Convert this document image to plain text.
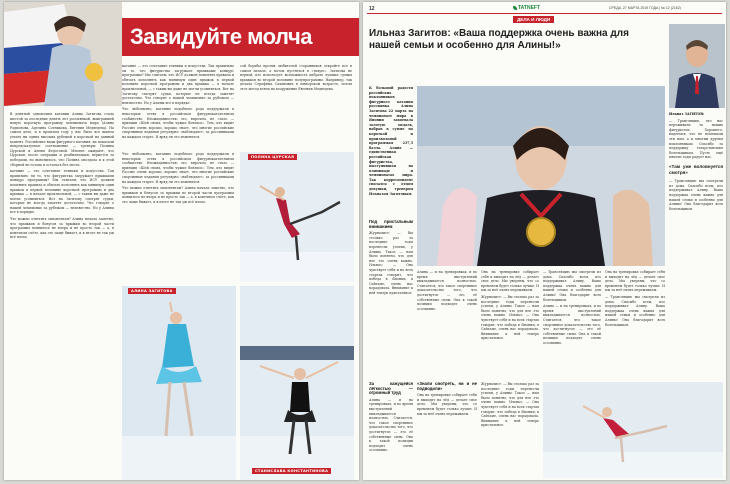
Завидуйте молча

В девятый однокочим катании Алина Загитова стала шестой за последние девять лет россиянкой, выигравшей новую короткую программу чемпионата мира (Алина Радионова, Аделина Сотникова, Евгения Медведева). На самом деле, и в прошлом году у нас было все шансы уехать ни одних высоких рубежей в короткой на данный момент. Российские виды фигурного катания, на показали непредсказуемое соотношение — тренеры Полины Цурской и Алены Федотовой. Многие ожидают, что Цурская, после операции и реабилитации, вернется за победами, но выяснилось, что Полина опоздала и к этой сборной не готова и осталась без места.

катание — это сочетание техники и искусства. Так правильно ли то, что фигуристка загружает прыжками конкурс программы? Мы считаем, что ИСУ должен поменять правила и обязать исполнять как минимум один прыжок в первой половине короткой программы и два прыжка — в начале произвольной, — с таким вы даже не могли усомниться. Вот на Загитову смотрят судьи, которые не всегда заметят достаточно. Что говорят о нашей чемпионке за рубежом — неизвестно. Но у Алины все в порядке.

Что можно ответить оппонентам? Алина начала заметно, что прыжков и бонусов за прыжки во второй части программы появилось не вчера и не просто так — а, в конечном счёте, как это чаще бывает, и в итоге не так уж всё плохо.

катание — это сочетание техники и искусства. Так правильно ли то, что фигуристка загружает прыжками конкурс программы? Мы считаем, что ИСУ должен поменять правила и обязать исполнять как минимум один прыжок в первой половине короткой программы и два прыжка — в начале произвольной, — с таким вы даже не могли усомниться. Вот на Загитову смотрят судьи, которые не всегда заметят достаточно. Что говорят о нашей чемпионке за рубежом — неизвестно. Но у Алины все в порядке.

Что любопытно, катанию подобного рода поддержали в некоторых сетях в российском фигурнокатательном сообществе. Неожиданностью это, впрочем, не стало — принцип «Шей своих, чтобы чужие боялись». Тем, кто видит Россию очень хорошо, хорошо знает, что многие российские спортивные издания регулярно «наблюдают» за россиянками на каждом старте. И вряд ли это изменится.

сой борьбы против любителей сторонников откройте все в самом начале, а потом пустяться в «тихую». Загитова не первой, кто использует возможность набрать лучшие суммы прыжков во второй половине полупрограммы. Например, так делала Серафима Саханович в юниорском возрасте, потом этот метод взяла на вооружение Евгения Медведева.

Что любопытно, катанию подобного рода поддержали в некоторых сетях в российском фигурнокатательном сообществе. Неожиданностью это, впрочем, не стало — принцип «Шей своих, чтобы чужие боялись». Тем, кто видит Россию очень хорошо, хорошо знает, что многие российские спортивные издания регулярно «наблюдают» за россиянками на каждом старте. И вряд ли это изменится.

Что можно ответить оппонентам? Алина начала заметно, что прыжков и бонусов за прыжки во второй части программы появилось не вчера и не просто так — а, в конечном счёте, как это чаще бывает, и в итоге не так уж всё плохо.

ПОЛИНА ЦУРСКАЯ
АЛИНА ЗАГИТОВА
СТАНИСЛАВА КОНСТАНТИНОВА
12	TATNEFT	СРЕДА, 27 МАРТА 2019 ГОДА | № 12 (2162)
ДЕЛА И ЛЮДИ
Ильназ Загитов: «Ваша поддержка очень важна для нашей семьи и особенно для Алины!»

Ильназ ЗАГИТОВ:

— Трансляцию, что нас переживали за наших фигуристок. Хорошего, надеемся, что не помешали эти нам, а и многим другим поклонникам. Спасибо за поддержку татарстанским болельщикам. Пусть ещё многие годы радует нас.

«Там уже воловнуется смотря»

— Трансляцию мы смотрели из дома. Спасибо всем, кто поддерживал Алину. Ваша поддержка очень важна для нашей семьи и особенно для Алины! Она благодарит всех болельщиков.

К большой радости российских поклонников фигурного катания россиянка Алина Загитова 22 марта на чемпионате мира в Японии завоевала золотую медаль, набрав в сумме по короткой и произвольной программам 237,5 балла. Алина — единственная российская фигуристка, выступившая на олимпиаде и чемпионатах мира. Так корреспондент связался с отцом девушки, тренером Ильназом Загитовым.

Под пристальным вниманием

Журналист: — Вы столько раз за последние годы перенесли успехи, у Алины. Такое — нам было понятно, что для нее это очень важно. Ильназ: — Она чувствует себя и на всех стартах говорит, что победа в Японии, в Сайтаме, очень нас порадовала. Внимание к ней теперь пристальное.

Алина — и на тренировках, и во время выступлений выкладывается полностью. Считается, что такое спортивное доказательство того, что достигнутое — это её собственные силы. Она к такой позиции подходит очень осознанно.

Она на тренировке собирает себя и выходит на лёд — делает свое дело. Мы уверены, что со временем будет только лучше. И мы за неё очень переживаем.

Журналист: — Вы столько раз за последние годы перенесли успехи, у Алины. Такое — нам было понятно, что для нее это очень важно. Ильназ: — Она чувствует себя и на всех стартах говорит, что победа в Японии, в Сайтаме, очень нас порадовала. Внимание к ней теперь пристальное.

— Трансляцию мы смотрели из дома. Спасибо всем, кто поддерживал Алину. Ваша поддержка очень важна для нашей семьи и особенно для Алины! Она благодарит всех болельщиков.

Алина — и на тренировках, и во время выступлений выкладывается полностью. Считается, что такое спортивное доказательство того, что достигнутое — это её собственные силы. Она к такой позиции подходит очень осознанно.

Она на тренировке собирает себя и выходит на лёд — делает свое дело. Мы уверены, что со временем будет только лучше. И мы за неё очень переживаем.

— Трансляцию мы смотрели из дома. Спасибо всем, кто поддерживал Алину. Ваша поддержка очень важна для нашей семьи и особенно для Алины! Она благодарит всех болельщиков.

За кажущейся лёгкостью — огромный труд

Алина — и на тренировках, и во время выступлений выкладывается полностью. Считается, что такое спортивное доказательство того, что достигнутое — это её собственные силы. Она к такой позиции подходит очень осознанно.

«Знали смотреть, ни и не подводили»

Она на тренировке собирает себя и выходит на лёд — делает свое дело. Мы уверены, что со временем будет только лучше. И мы за неё очень переживаем.

Журналист: — Вы столько раз за последние годы перенесли успехи, у Алины. Такое — нам было понятно, что для нее это очень важно. Ильназ: — Она чувствует себя и на всех стартах говорит, что победа в Японии, в Сайтаме, очень нас порадовала. Внимание к ней теперь пристальное.
